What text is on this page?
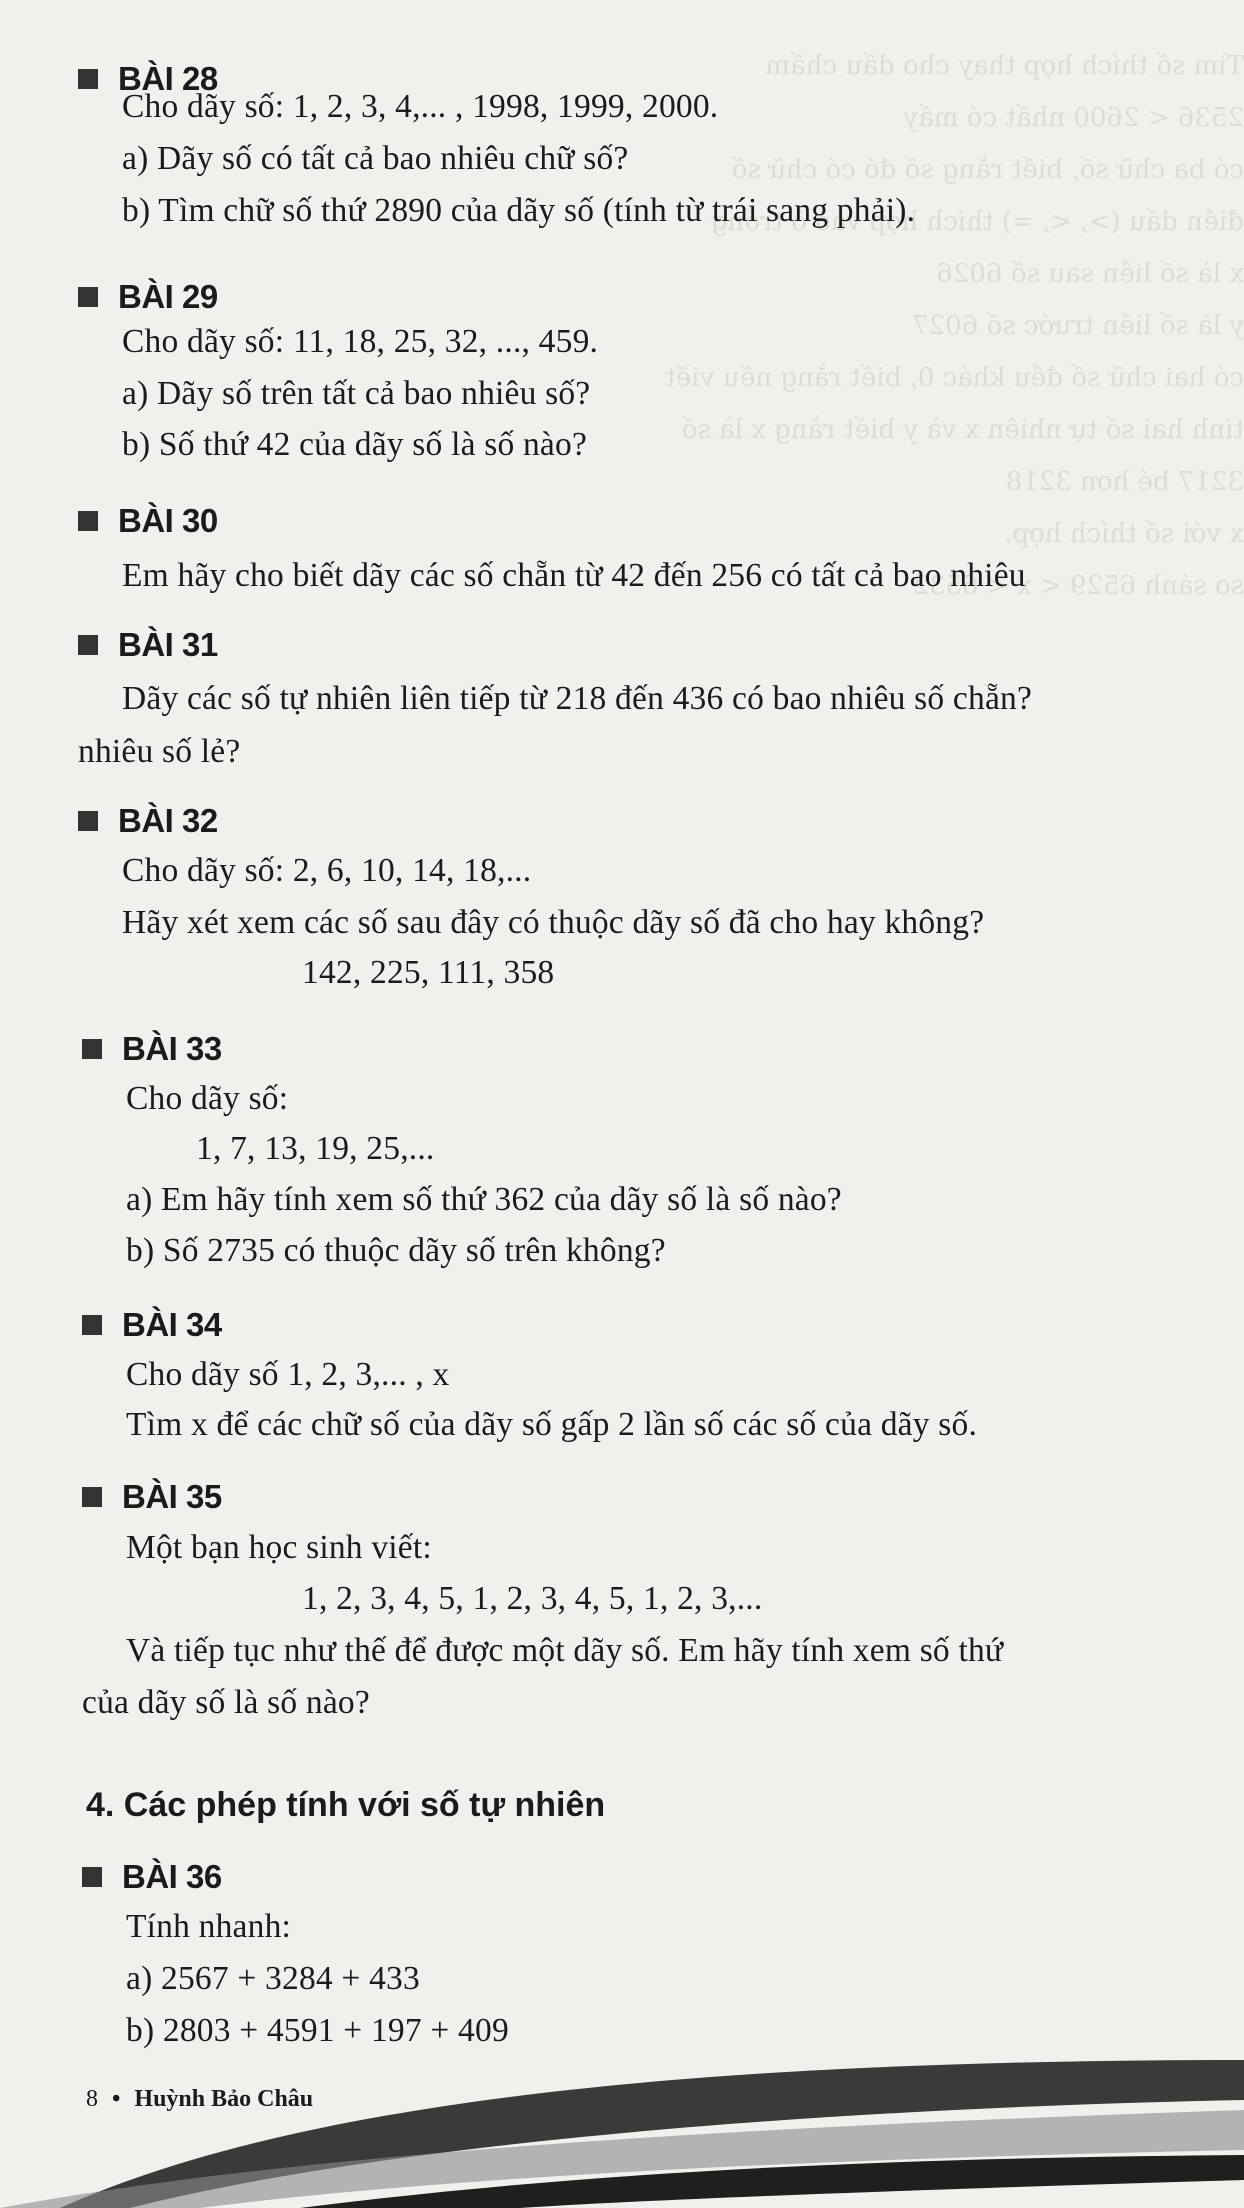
Tìm số thích hợp thay cho dấu chấm
2536 < 2600 nhất có mấy
có ba chữ số, biết rằng số đó có chữ số
điền dấu (>, <, =) thích hợp vào ô trống
x là số liền sau số 6026
y là số liền trước số 6027
có hai chữ số đều khác 0, biết rằng nếu viết
tính hai số tự nhiên x và y biết rằng x là số
3217 bé hơn 3218
x với số thích hợp.
so sánh 6529 < x < 6532
BÀI 28
Cho dãy số: 1, 2, 3, 4,... , 1998, 1999, 2000.
a) Dãy số có tất cả bao nhiêu chữ số?
b) Tìm chữ số thứ 2890 của dãy số (tính từ trái sang phải).
BÀI 29
Cho dãy số: 11, 18, 25, 32, ..., 459.
a) Dãy số trên tất cả bao nhiêu số?
b) Số thứ 42 của dãy số là số nào?
BÀI 30
Em hãy cho biết dãy các số chẵn từ 42 đến 256 có tất cả bao nhiêu
BÀI 31
Dãy các số tự nhiên liên tiếp từ 218 đến 436 có bao nhiêu số chẵn?
nhiêu số lẻ?
BÀI 32
Cho dãy số: 2, 6, 10, 14, 18,...
Hãy xét xem các số sau đây có thuộc dãy số đã cho hay không?
142, 225, 111, 358
BÀI 33
Cho dãy số:
1, 7, 13, 19, 25,...
a) Em hãy tính xem số thứ 362 của dãy số là số nào?
b) Số 2735 có thuộc dãy số trên không?
BÀI 34
Cho dãy số 1, 2, 3,... , x
Tìm x để các chữ số của dãy số gấp 2 lần số các số của dãy số.
BÀI 35
Một bạn học sinh viết:
1, 2, 3, 4, 5, 1, 2, 3, 4, 5, 1, 2, 3,...
Và tiếp tục như thế để được một dãy số. Em hãy tính xem số thứ
của dãy số là số nào?
4. Các phép tính với số tự nhiên
BÀI 36
Tính nhanh:
a) 2567 + 3284 + 433
b) 2803 + 4591 + 197 + 409
8 • Huỳnh Bảo Châu
